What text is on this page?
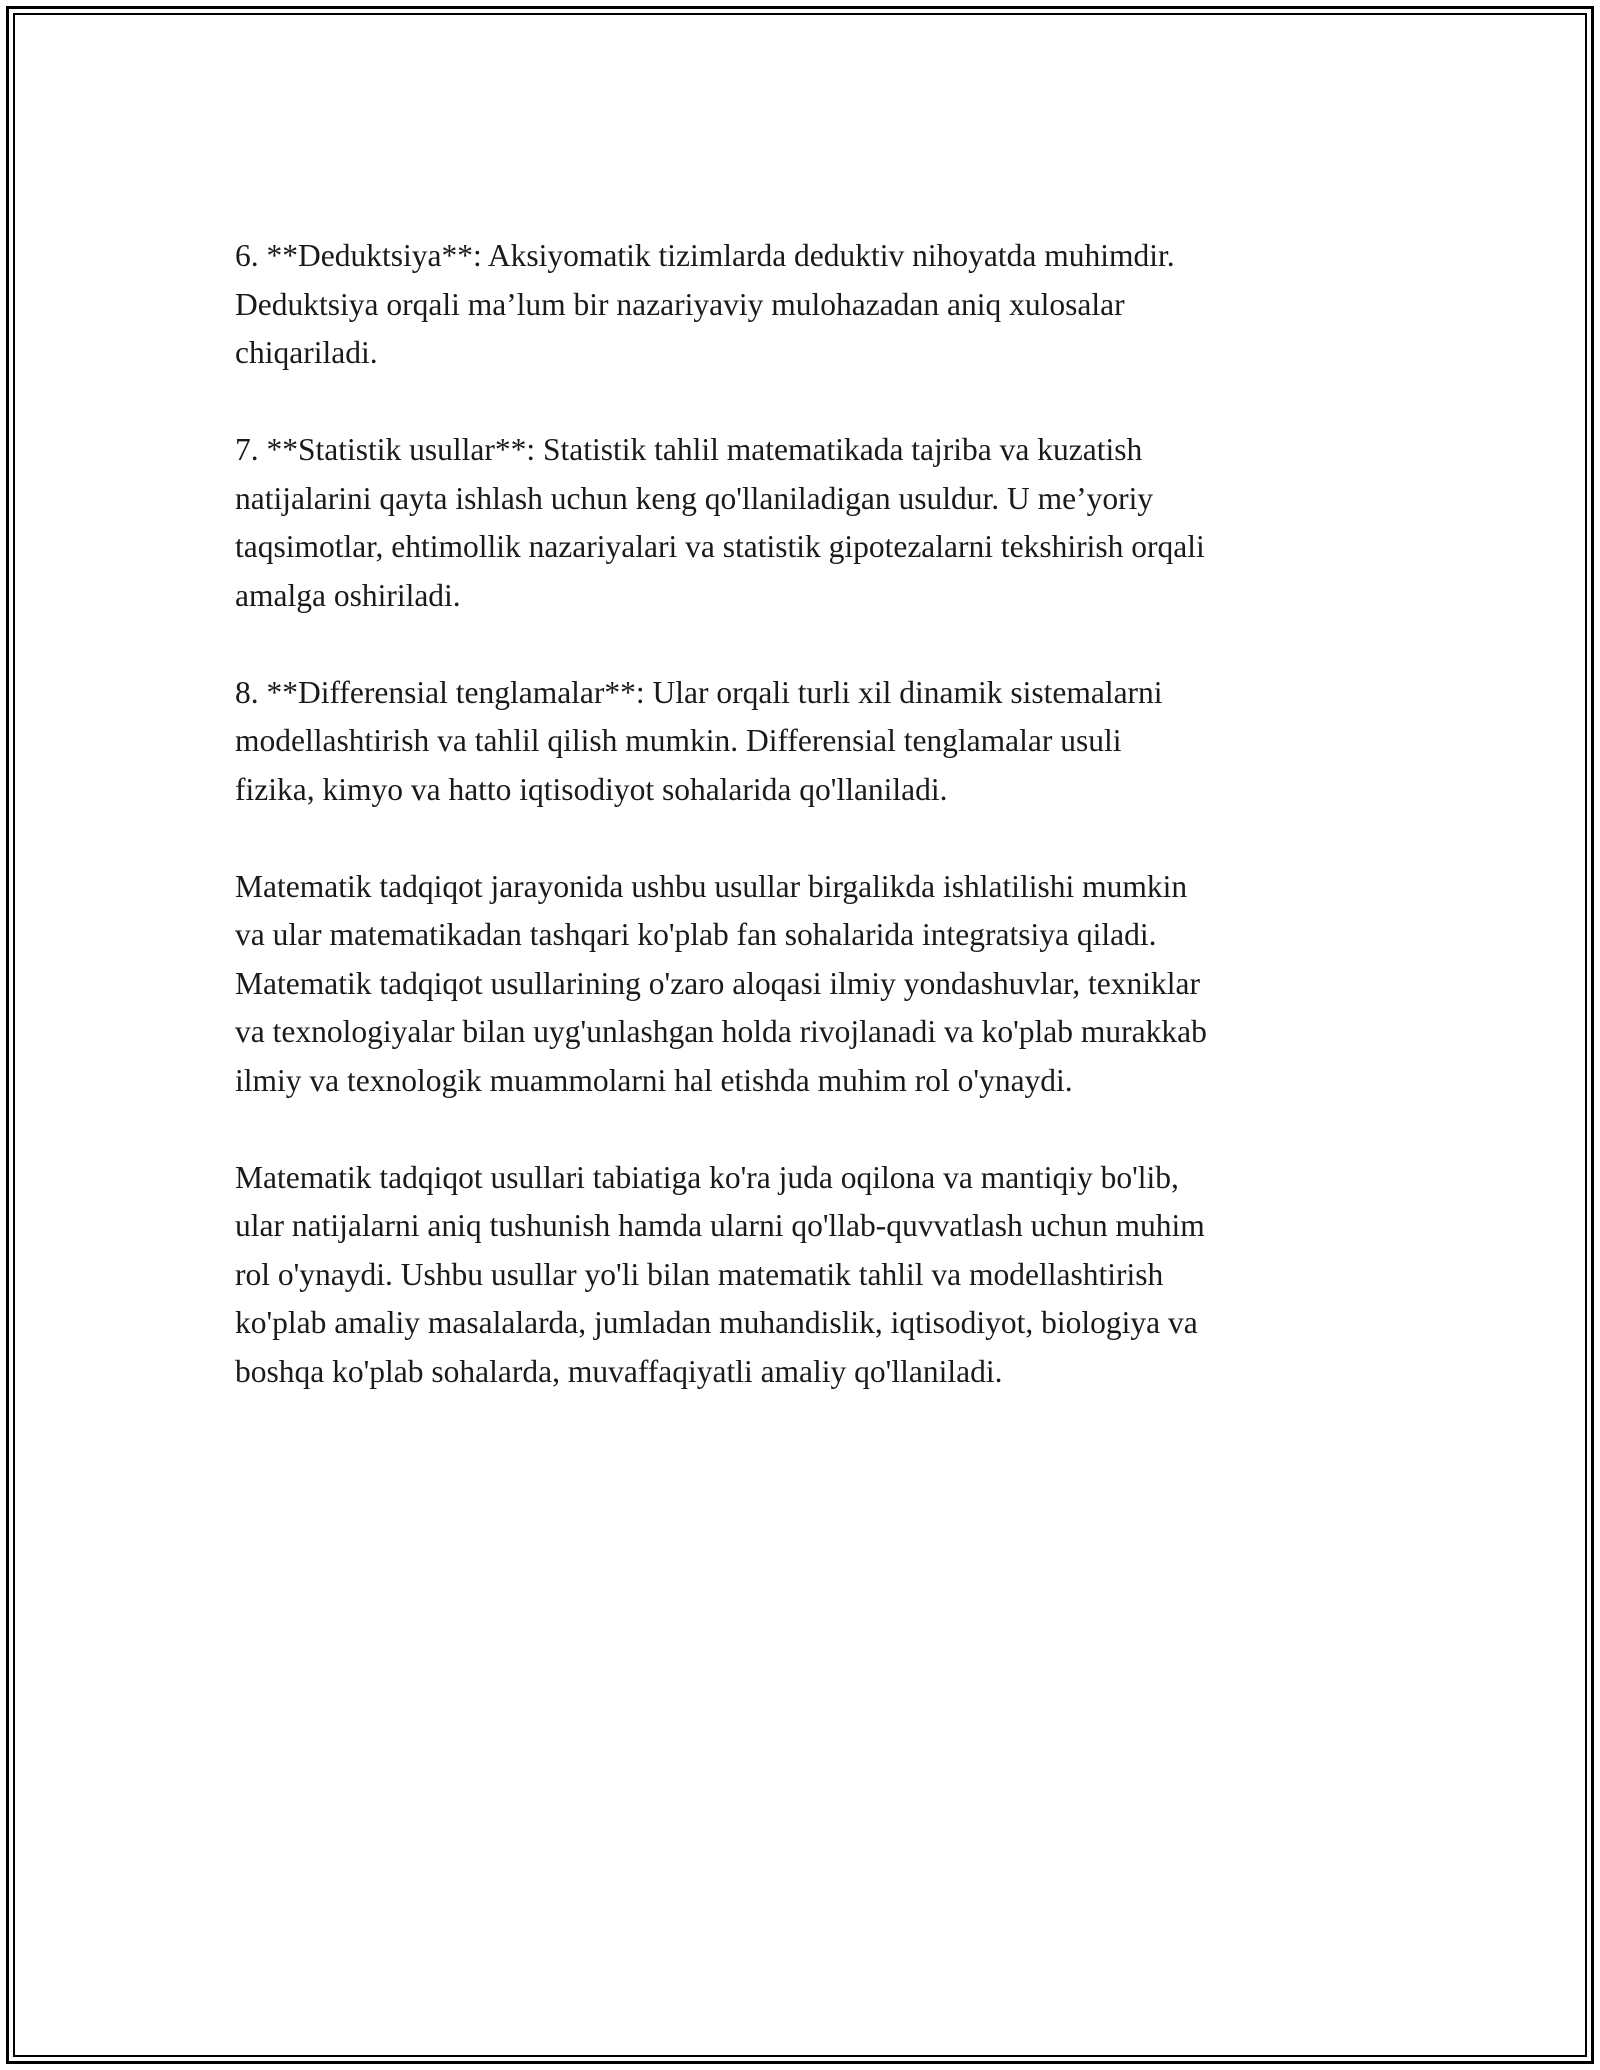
6. **Deduktsiya**: Aksiyomatik tizimlarda deduktiv nihoyatda muhimdir.
Deduktsiya orqali ma’lum bir nazariyaviy mulohazadan aniq xulosalar
chiqariladi.

7. **Statistik usullar**: Statistik tahlil matematikada tajriba va kuzatish
natijalarini qayta ishlash uchun keng qo'llaniladigan usuldur. U me’yoriy
taqsimotlar, ehtimollik nazariyalari va statistik gipotezalarni tekshirish orqali
amalga oshiriladi.

8. **Differensial tenglamalar**: Ular orqali turli xil dinamik sistemalarni
modellashtirish va tahlil qilish mumkin. Differensial tenglamalar usuli
fizika, kimyo va hatto iqtisodiyot sohalarida qo'llaniladi.

Matematik tadqiqot jarayonida ushbu usullar birgalikda ishlatilishi mumkin
va ular matematikadan tashqari ko'plab fan sohalarida integratsiya qiladi.
Matematik tadqiqot usullarining o'zaro aloqasi ilmiy yondashuvlar, texniklar
va texnologiyalar bilan uyg'unlashgan holda rivojlanadi va ko'plab murakkab
ilmiy va texnologik muammolarni hal etishda muhim rol o'ynaydi.

Matematik tadqiqot usullari tabiatiga ko'ra juda oqilona va mantiqiy bo'lib,
ular natijalarni aniq tushunish hamda ularni qo'llab-quvvatlash uchun muhim
rol o'ynaydi. Ushbu usullar yo'li bilan matematik tahlil va modellashtirish
ko'plab amaliy masalalarda, jumladan muhandislik, iqtisodiyot, biologiya va
boshqa ko'plab sohalarda, muvaffaqiyatli amaliy qo'llaniladi.
